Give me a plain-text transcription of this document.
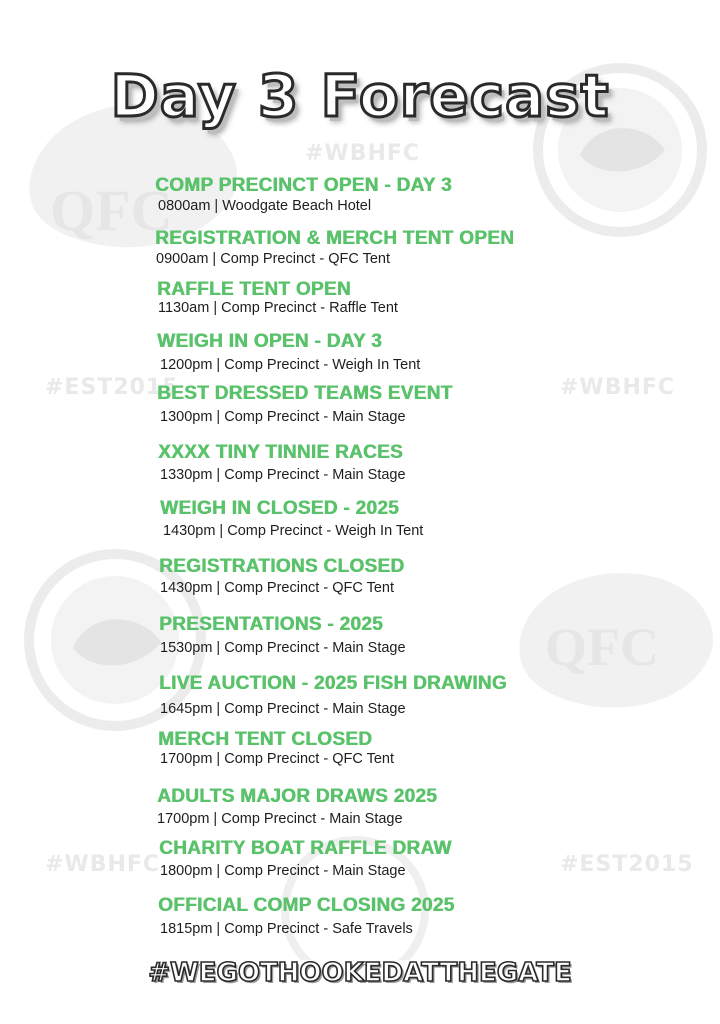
QFC
QFC
#WBHFC
#EST2015	#WBHFC
#WBHFC	#EST2015
Day 3 Forecast
COMP PRECINCT OPEN - DAY 3
0800am | Woodgate Beach Hotel
REGISTRATION & MERCH TENT OPEN
0900am | Comp Precinct - QFC Tent
RAFFLE TENT OPEN
1130am | Comp Precinct - Raffle Tent
WEIGH IN OPEN - DAY 3
1200pm | Comp Precinct - Weigh In Tent
BEST DRESSED TEAMS EVENT
1300pm | Comp Precinct - Main Stage
XXXX TINY TINNIE RACES
1330pm | Comp Precinct - Main Stage
WEIGH IN CLOSED - 2025
1430pm | Comp Precinct - Weigh In Tent
REGISTRATIONS CLOSED
1430pm | Comp Precinct - QFC Tent
PRESENTATIONS - 2025
1530pm | Comp Precinct - Main Stage
LIVE AUCTION - 2025 FISH DRAWING
1645pm | Comp Precinct - Main Stage
MERCH TENT CLOSED
1700pm | Comp Precinct - QFC Tent
ADULTS MAJOR DRAWS 2025
1700pm | Comp Precinct - Main Stage
CHARITY BOAT RAFFLE DRAW
1800pm | Comp Precinct - Main Stage
OFFICIAL COMP CLOSING 2025
1815pm | Comp Precinct - Safe Travels
#WEGOTHOOKEDATTHEGATE
